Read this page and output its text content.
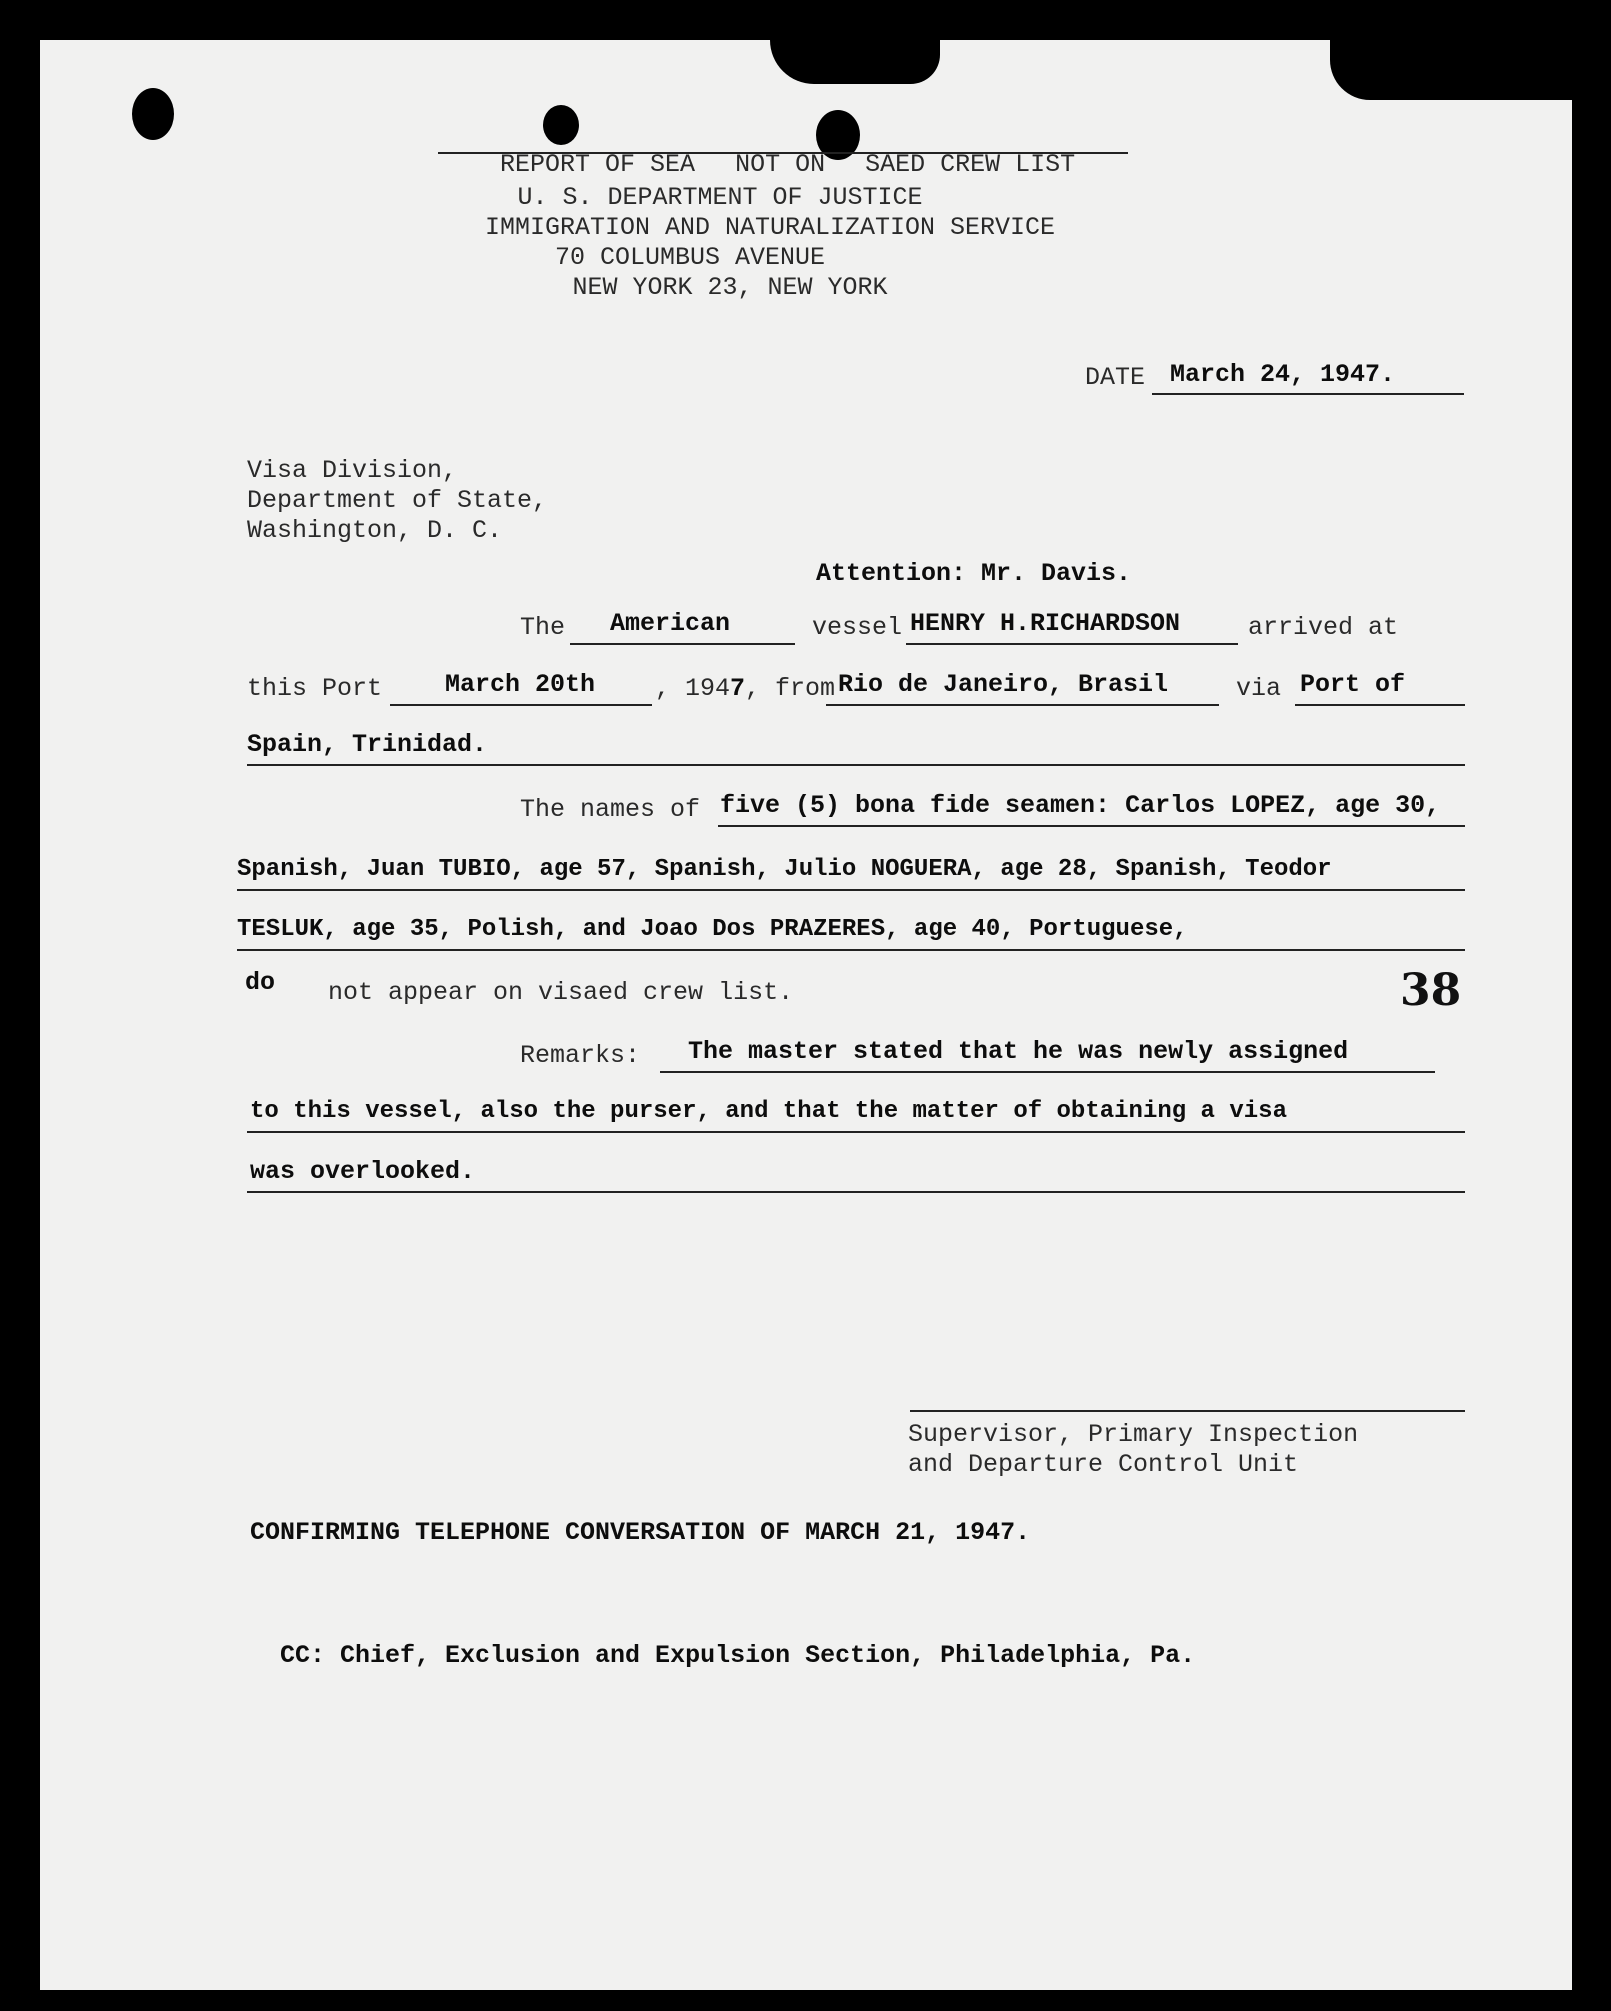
REPORT OF SEA NOT ON SAED CREW LIST

U. S. DEPARTMENT OF JUSTICE
IMMIGRATION AND NATURALIZATION SERVICE
70 COLUMBUS AVENUE
NEW YORK 23, NEW YORK
DATE March 24, 1947.
Visa Division,
Department of State,
Washington, D. C.
Attention: Mr. Davis.
The American	vessel HENRY H.RICHARDSON	arrived at
this Port	March 20th , 1947 , from Rio de Janeiro, Brasil	via Port of
Spain, Trinidad.
The names of five (5) bona fide seamen: Carlos LOPEZ, age 30,
Spanish, Juan TUBIO, age 57, Spanish, Julio NOGUERA, age 28, Spanish, Teodor
TESLUK, age 35, Polish, and Joao Dos PRAZERES, age 40, Portuguese,
do not appear on visaed crew list.	38
Remarks: The master stated that he was newly assigned
to this vessel, also the purser, and that the matter of obtaining a visa
was overlooked.
Supervisor, Primary Inspection
and Departure Control Unit
CONFIRMING TELEPHONE CONVERSATION OF MARCH 21, 1947.
CC: Chief, Exclusion and Expulsion Section, Philadelphia, Pa.
